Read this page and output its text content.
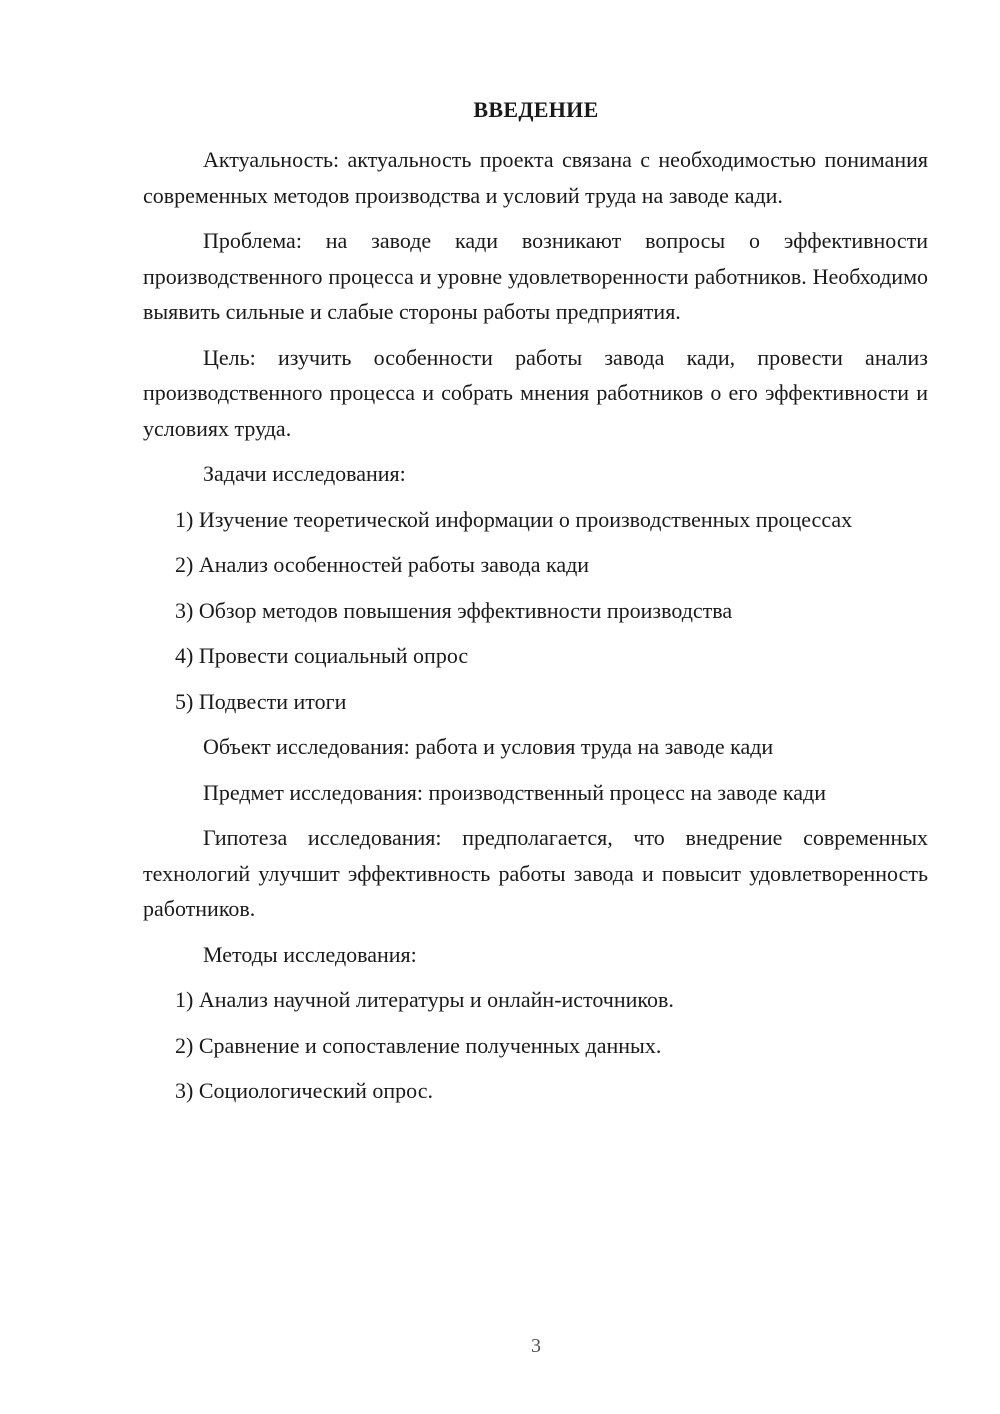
ВВЕДЕНИЕ

Актуальность: актуальность проекта связана с необходимостью понимания современных методов производства и условий труда на заводе кади.

Проблема: на заводе кади возникают вопросы о эффективности производственного процесса и уровне удовлетворенности работников. Необходимо выявить сильные и слабые стороны работы предприятия.

Цель: изучить особенности работы завода кади, провести анализ производственного процесса и собрать мнения работников о его эффективности и условиях труда.

Задачи исследования:

1) Изучение теоретической информации о производственных процессах

2) Анализ особенностей работы завода кади

3) Обзор методов повышения эффективности производства

4) Провести социальный опрос

5) Подвести итоги

Объект исследования: работа и условия труда на заводе кади

Предмет исследования: производственный процесс на заводе кади

Гипотеза исследования: предполагается, что внедрение современных технологий улучшит эффективность работы завода и повысит удовлетворенность работников.

Методы исследования:

1) Анализ научной литературы и онлайн-источников.

2) Сравнение и сопоставление полученных данных.

3) Социологический опрос.

3
